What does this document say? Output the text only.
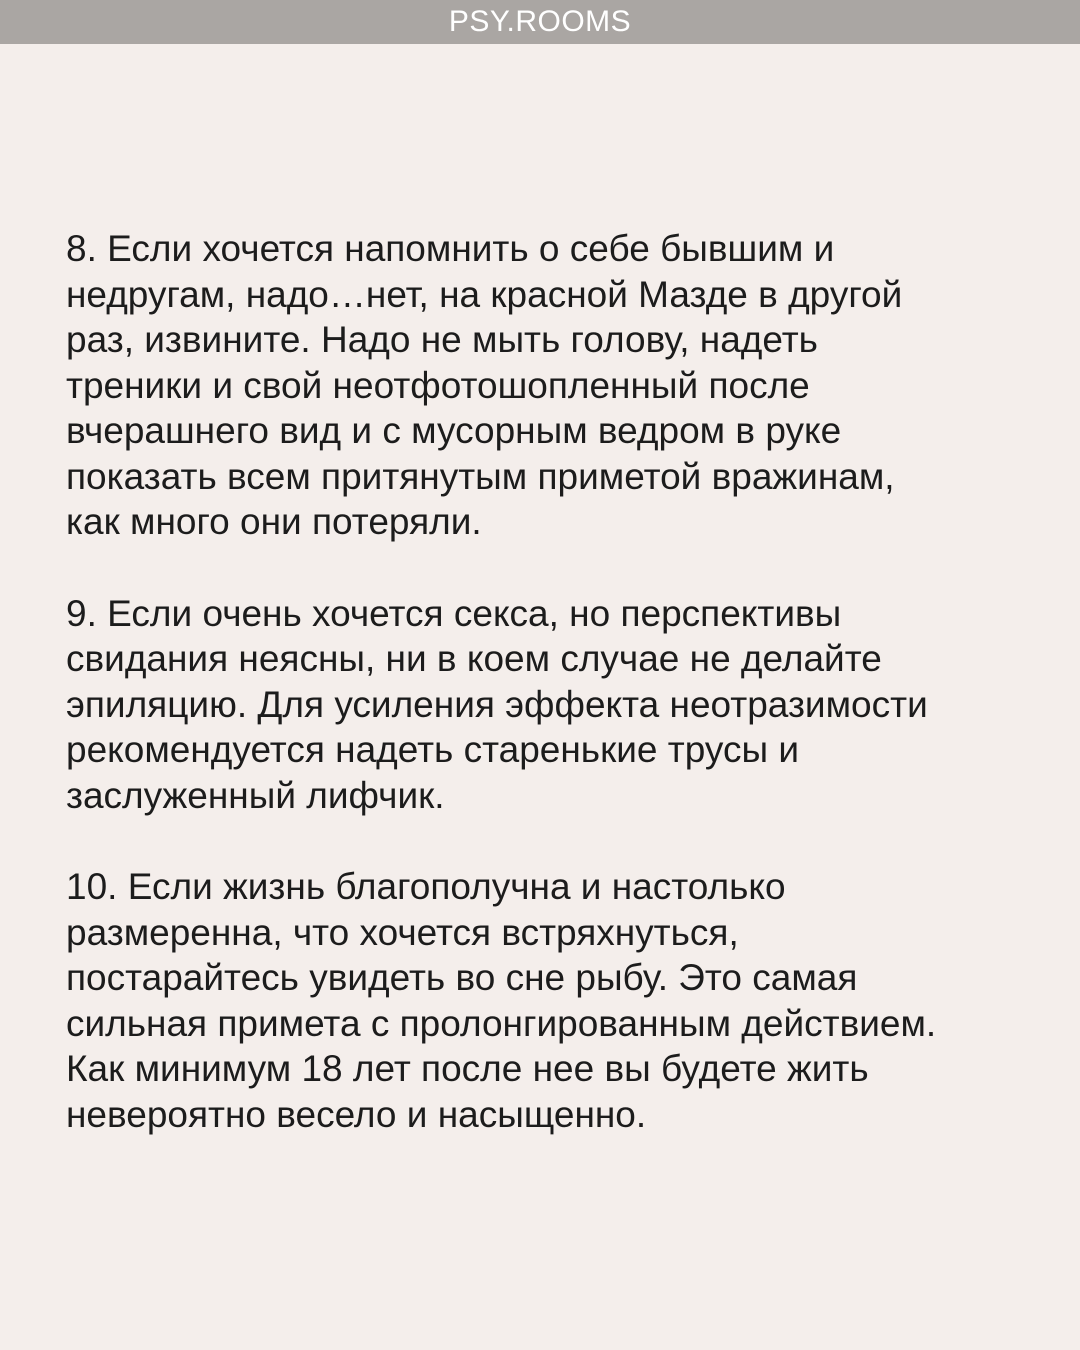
PSY.ROOMS

8. Если хочется напомнить о себе бывшим и
недругам, надо…нет, на красной Мазде в другой
раз, извините. Надо не мыть голову, надеть
треники и свой неотфотошопленный после
вчерашнего вид и с мусорным ведром в руке
показать всем притянутым приметой вражинам,
как много они потеряли.

9. Если очень хочется секса, но перспективы
свидания неясны, ни в коем случае не делайте
эпиляцию. Для усиления эффекта неотразимости
рекомендуется надеть старенькие трусы и
заслуженный лифчик.

10. Если жизнь благополучна и настолько
размеренна, что хочется встряхнуться,
постарайтесь увидеть во сне рыбу. Это самая
сильная примета с пролонгированным действием.
Как минимум 18 лет после нее вы будете жить
невероятно весело и насыщенно.
